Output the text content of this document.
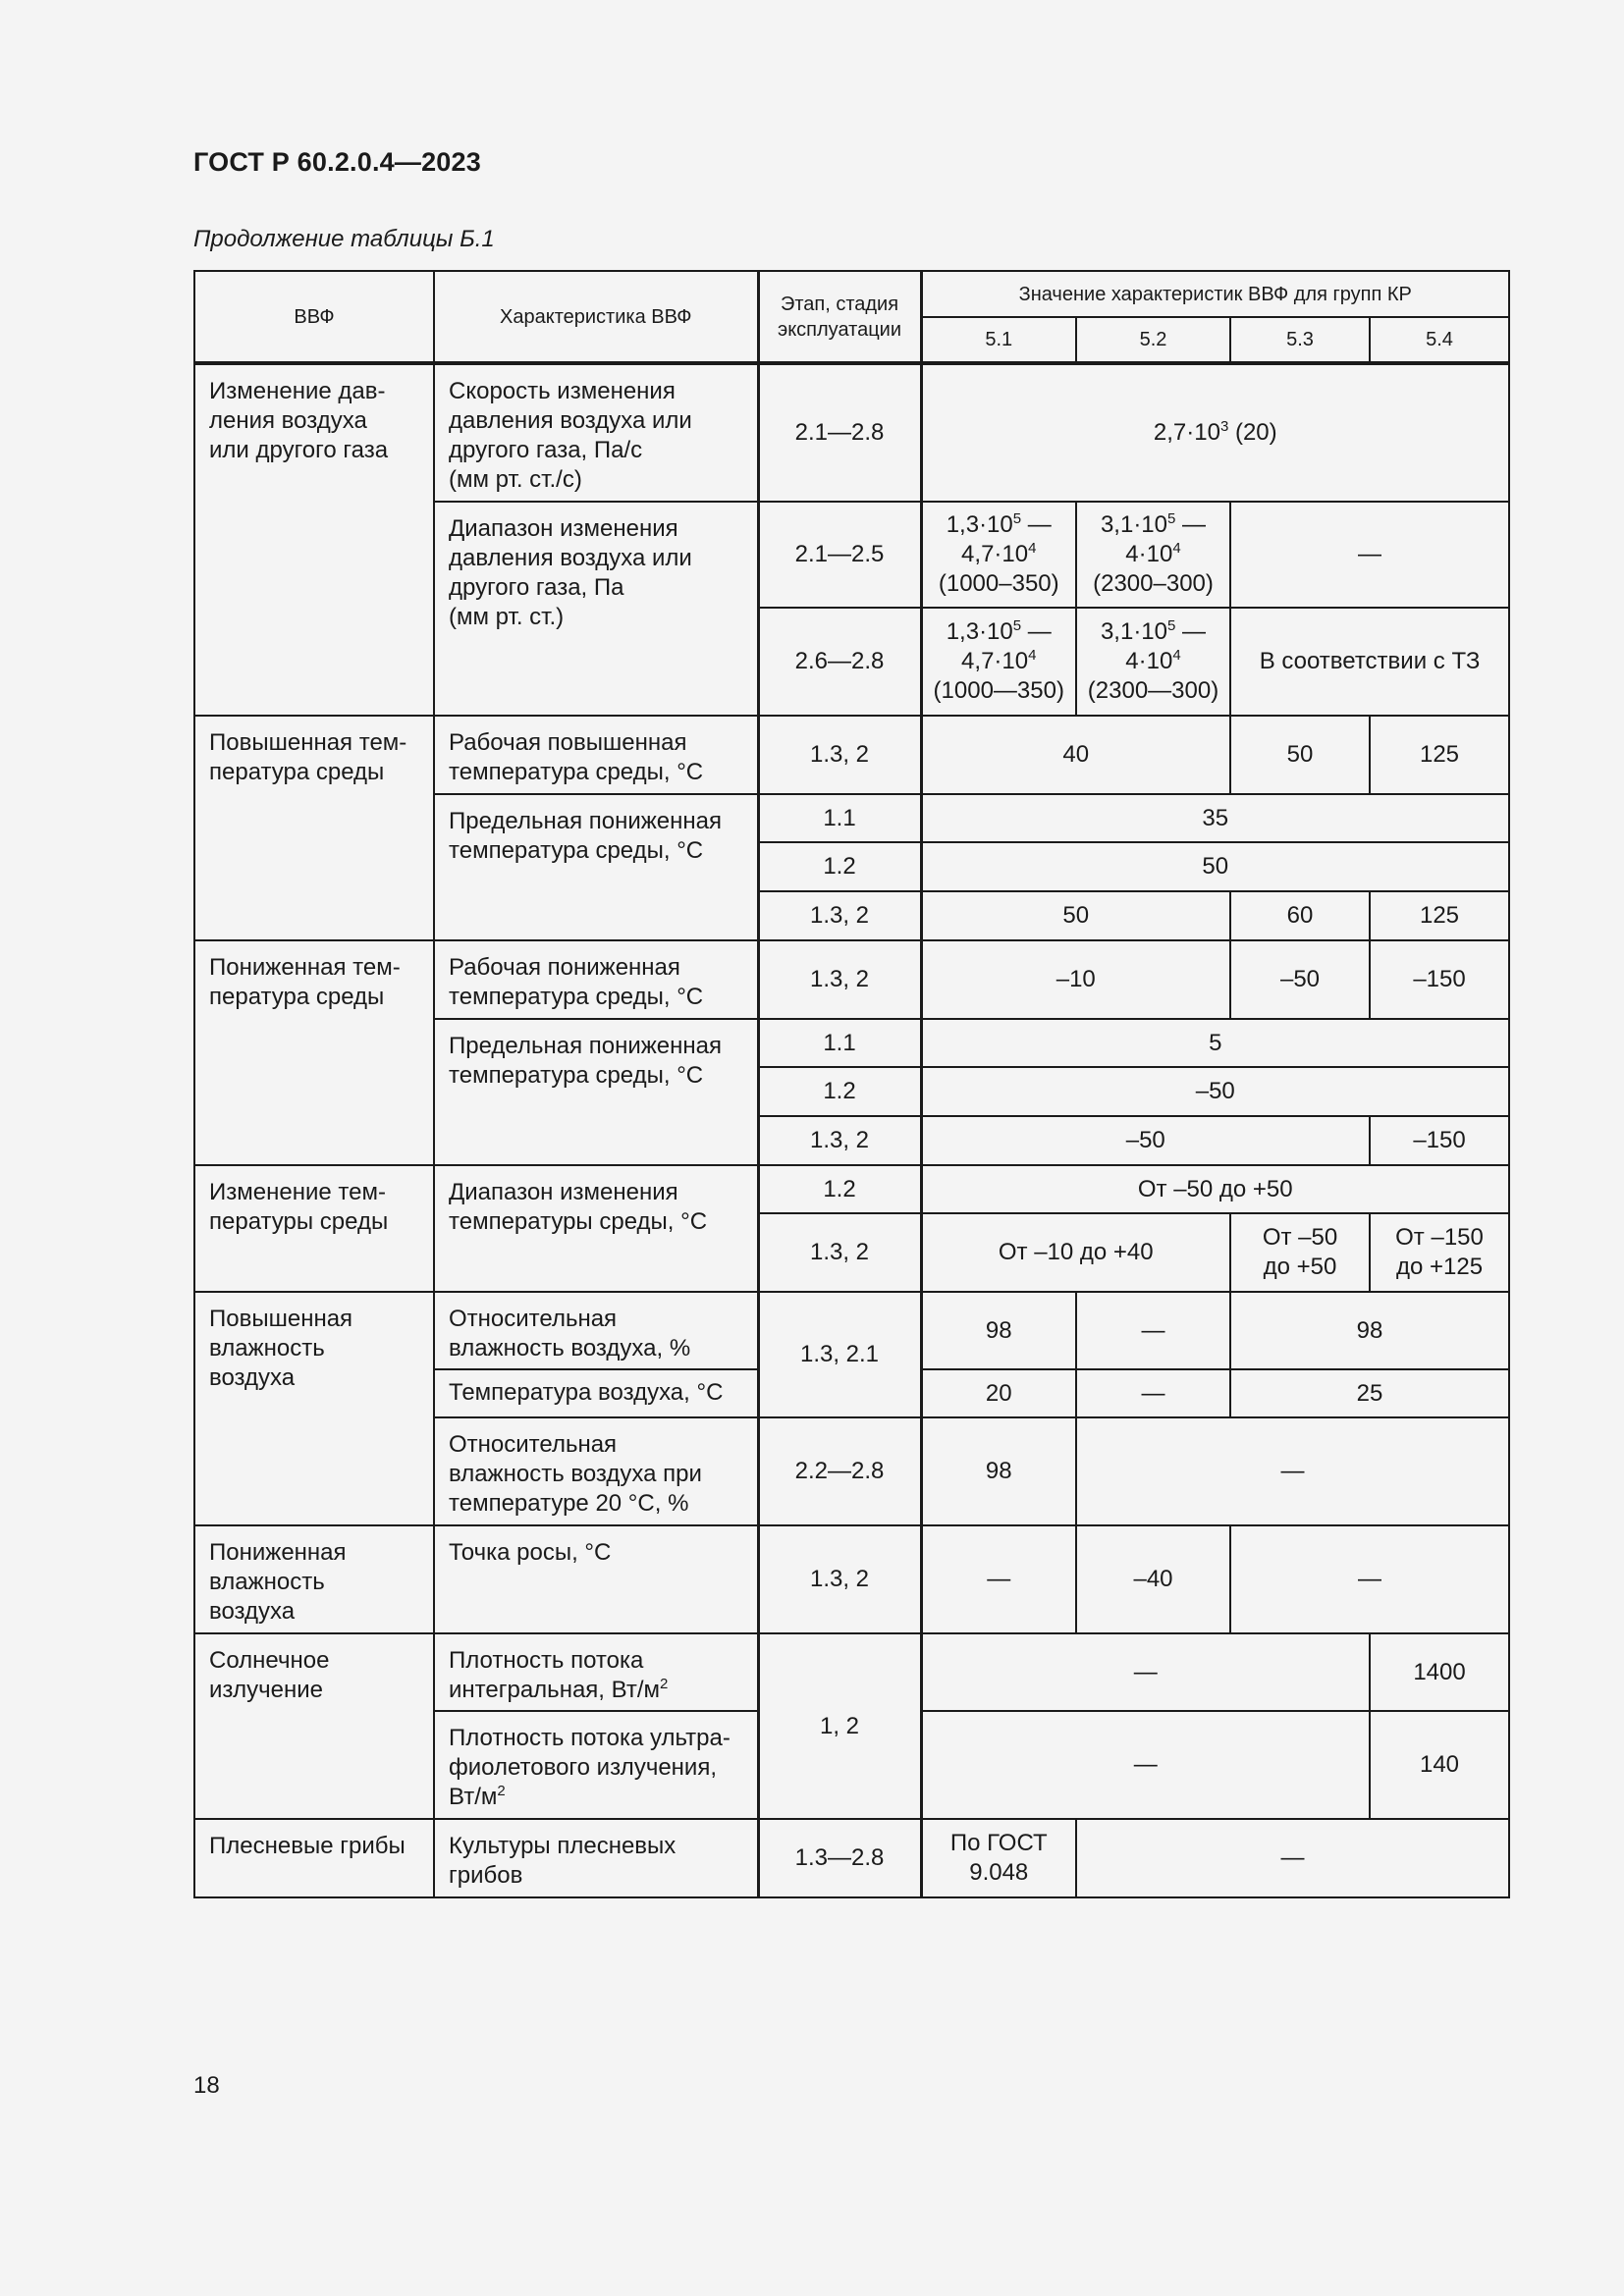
ГОСТ Р 60.2.0.4—2023
Продолжение таблицы Б.1
ВВФ	Характеристика ВВФ	Этап, стадия
эксплуатации	Значение характеристик ВВФ для групп КР			
			5.1	5.2	5.3	5.4

Изменение дав-
ления воздуха
или другого газа	Скорость изменения
давления воздуха или
другого газа, Па/с
(мм рт. ст./с)	2.1—2.8	$2,7\cdot 10^3$ (20)			

	Диапазон изменения
давления воздуха или
другого газа, Па
(мм рт. ст.)	2.1—2.5	$1,3\cdot 10^5$ —
$4,7\cdot 10^4$
(1000–350)	$3,1\cdot 10^5$ —
$4\cdot 10^4$
(2300–300)	—	
		2.6—2.8	$1,3\cdot 10^5$ —
$4,7\cdot 10^4$
(1000—350)	$3,1\cdot 10^5$ —
$4\cdot 10^4$
(2300—300)	В соответствии с ТЗ	

Повышенная тем-
пература среды	Рабочая повышенная
температура среды, °С	1.3, 2	40		50	125

	Предельная пониженная
температура среды, °С	1.1	35			
		1.2	50			
		1.3, 2	50		60	125

Пониженная тем-
пература среды	Рабочая пониженная
температура среды, °С	1.3, 2	–10		–50	–150

	Предельная пониженная
температура среды, °С	1.1	5			
		1.2	–50			
		1.3, 2	–50			–150

Изменение тем-
пературы среды	Диапазон изменения
температуры среды, °С	1.2	От –50 до +50			
		1.3, 2	От –10 до +40		От –50
до +50	От –150
до +125

Повышенная
влажность
воздуха	Относительная
влажность воздуха, %	1.3, 2.1	98	—	98	
	Температура воздуха, °С		20	—	25	

	Относительная
влажность воздуха при
температуре 20 °С, %	2.2—2.8	98	—		

Пониженная
влажность
воздуха	Точка росы, °С	1.3, 2	—	–40	—	

Солнечное
излучение	Плотность потока
интегральная, $Вт/м^2$	1, 2	—			1400

	Плотность потока ультра-
фиолетового излучения,
$Вт/м^2$		—			140
Плесневые грибы	Культуры плесневых
грибов	1.3—2.8	По ГОСТ
9.048	—		
18
